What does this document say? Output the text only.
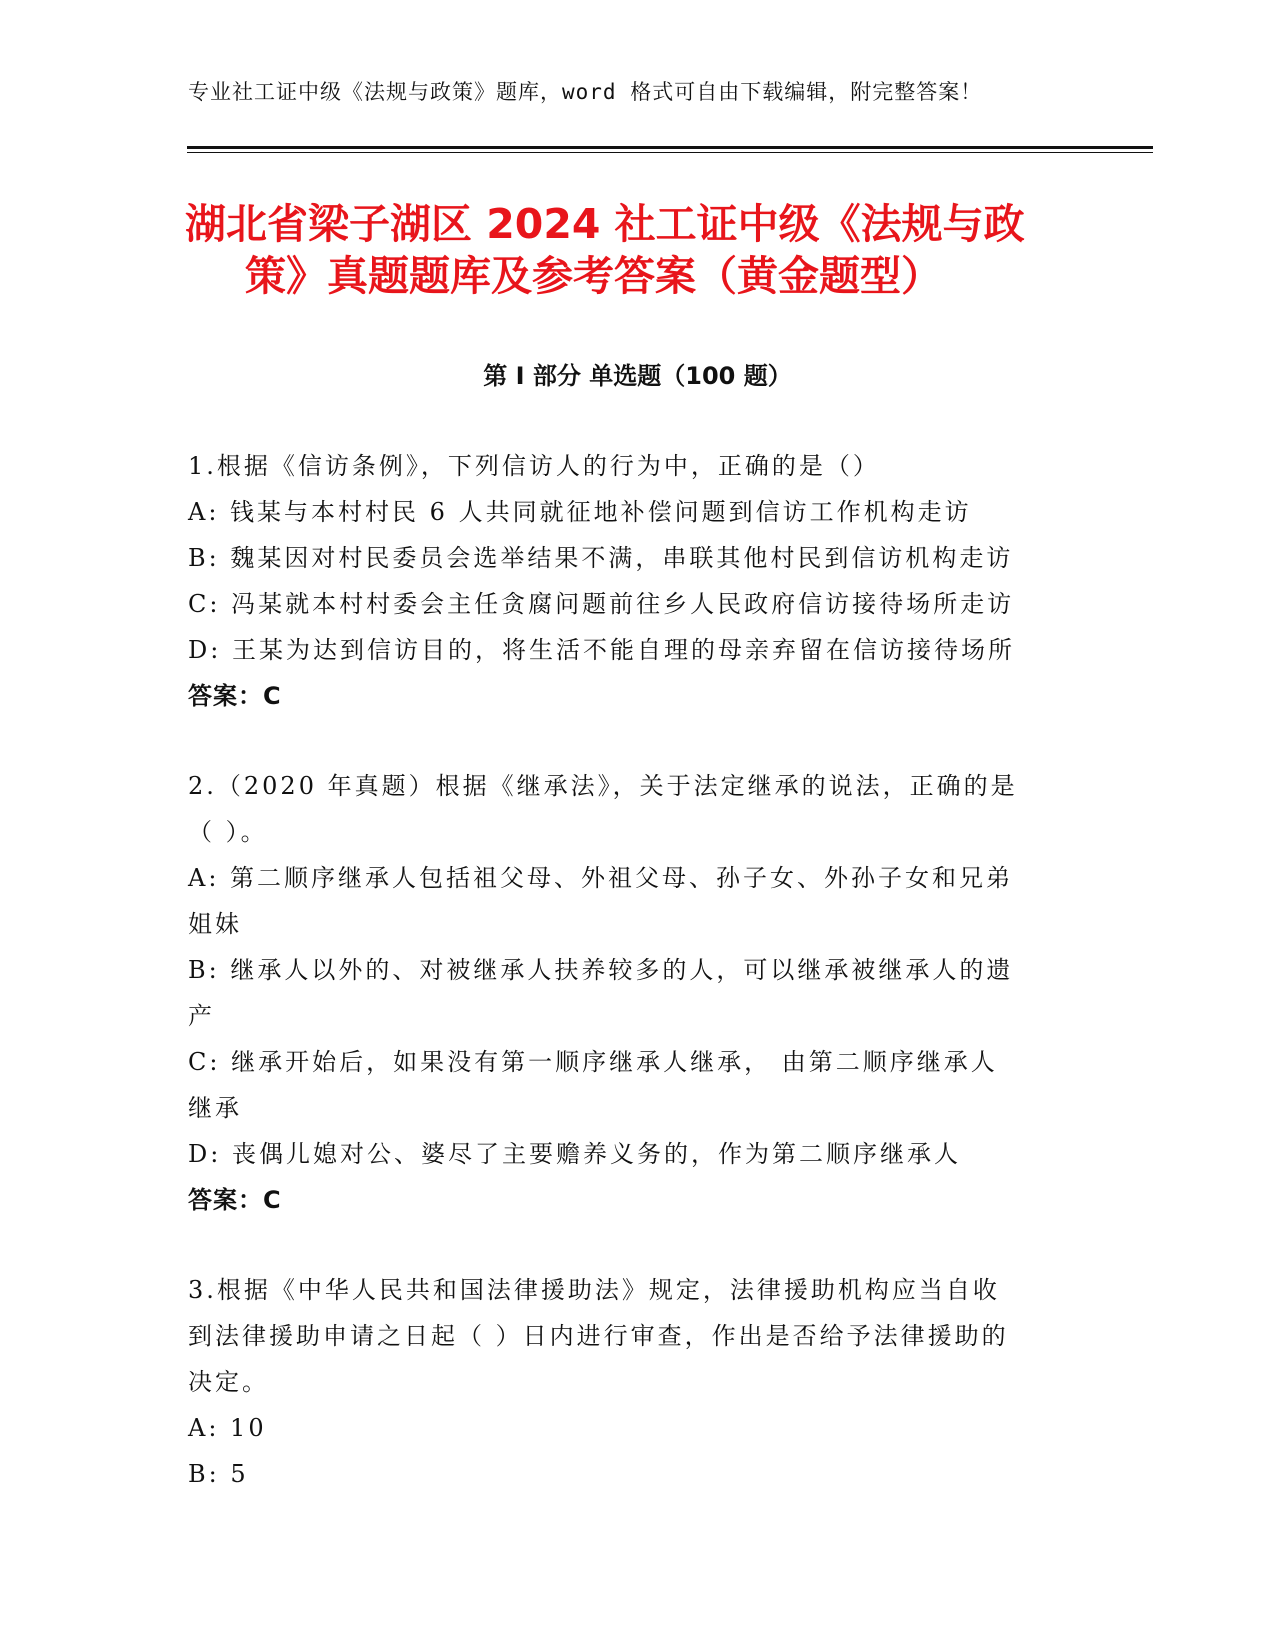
专业社工证中级《法规与政策》题库，word 格式可自由下载编辑，附完整答案！
湖北省梁子湖区 2024 社工证中级《法规与政
策》真题题库及参考答案（黄金题型）
第 I 部分 单选题（100 题）
1.根据《信访条例》，下列信访人的行为中，正确的是（）
A: 钱某与本村村民 6 人共同就征地补偿问题到信访工作机构走访
B: 魏某因对村民委员会选举结果不满，串联其他村民到信访机构走访
C: 冯某就本村村委会主任贪腐问题前往乡人民政府信访接待场所走访
D: 王某为达到信访目的，将生活不能自理的母亲弃留在信访接待场所
答案：C
2.（2020 年真题）根据《继承法》，关于法定继承的说法，正确的是
（ ）。
A: 第二顺序继承人包括祖父母、外祖父母、孙子女、外孙子女和兄弟
姐妹
B: 继承人以外的、对被继承人扶养较多的人，可以继承被继承人的遗
产
C: 继承开始后，如果没有第一顺序继承人继承， 由第二顺序继承人
继承
D: 丧偶儿媳对公、婆尽了主要赡养义务的，作为第二顺序继承人
答案：C
3.根据《中华人民共和国法律援助法》规定，法律援助机构应当自收
到法律援助申请之日起（ ）日内进行审查，作出是否给予法律援助的
决定。
A: 10
B: 5
